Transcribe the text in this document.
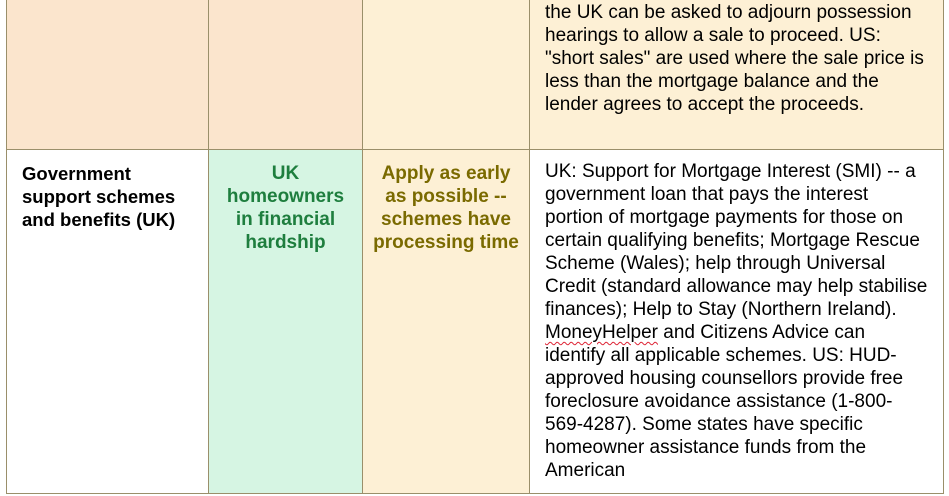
			the UK can be asked to adjourn possession hearings to allow a sale to proceed. US: "short sales" are used where the sale price is less than the mortgage balance and the lender agrees to accept the proceeds.

Government support schemes and benefits (UK)	UK homeowners in financial hardship	Apply as early as possible -- schemes have processing time	UK: Support for Mortgage Interest (SMI) -- a government loan that pays the interest portion of mortgage payments for those on certain qualifying benefits; Mortgage Rescue Scheme (Wales); help through Universal Credit (standard allowance may help stabilise finances); Help to Stay (Northern Ireland). MoneyHelper and Citizens Advice can identify all applicable schemes. US: HUD-approved housing counsellors provide free foreclosure avoidance assistance (1-800-569-4287). Some states have specific homeowner assistance funds from the American
